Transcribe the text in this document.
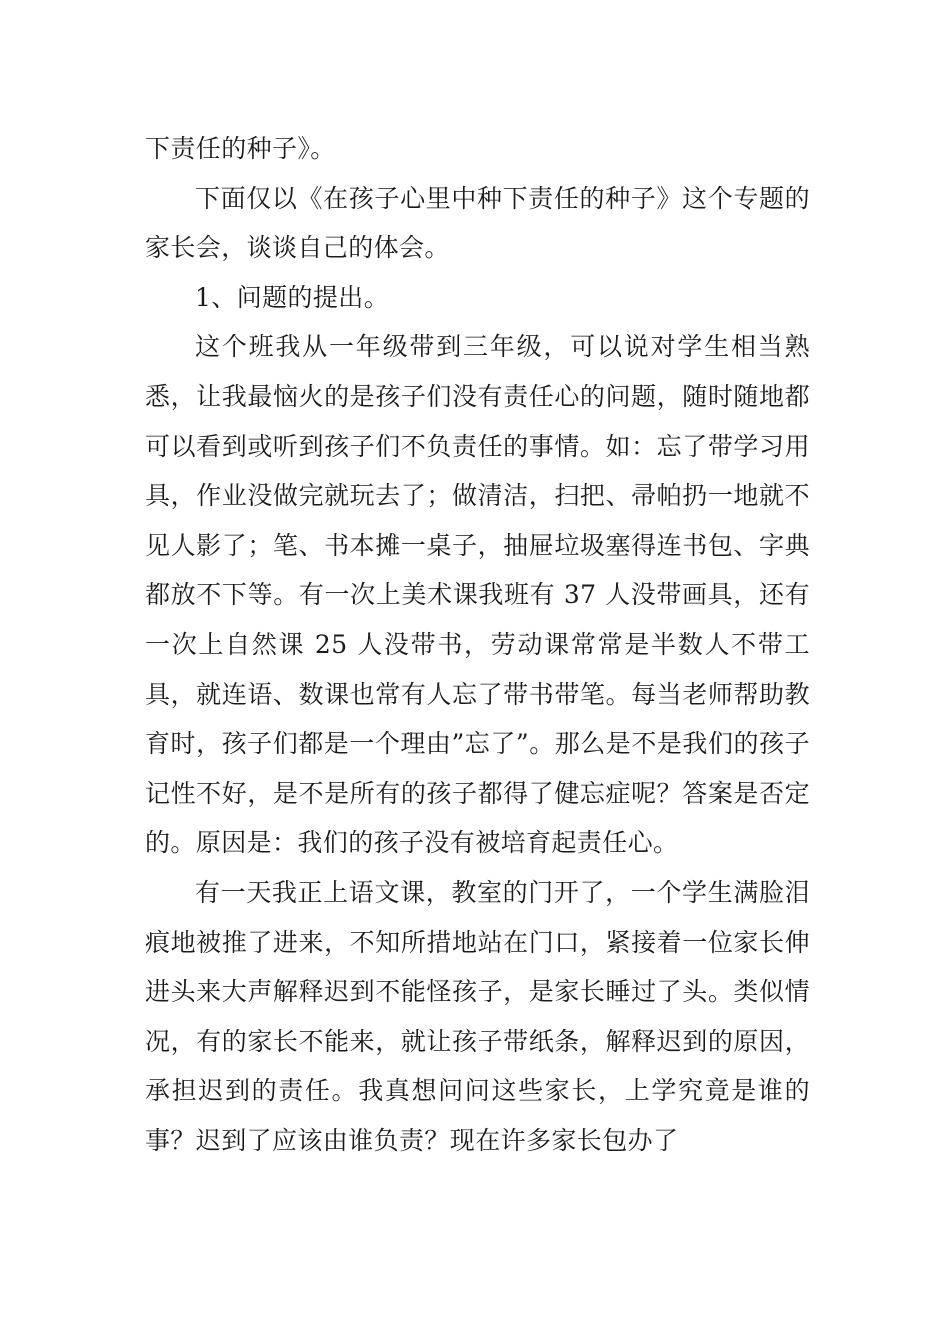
下责任的种子》。

下面仅以《在孩子心里中种下责任的种子》这个专题的家长会，谈谈自己的体会。

1、问题的提出。

这个班我从一年级带到三年级，可以说对学生相当熟悉，让我最恼火的是孩子们没有责任心的问题，随时随地都可以看到或听到孩子们不负责任的事情。如：忘了带学习用具，作业没做完就玩去了；做清洁，扫把、帚帕扔一地就不见人影了；笔、书本摊一桌子，抽屉垃圾塞得连书包、字典都放不下等。有一次上美术课我班有 37 人没带画具，还有一次上自然课 25 人没带书，劳动课常常是半数人不带工具，就连语、数课也常有人忘了带书带笔。每当老师帮助教育时，孩子们都是一个理由”忘了”。那么是不是我们的孩子记性不好，是不是所有的孩子都得了健忘症呢？答案是否定的。原因是：我们的孩子没有被培育起责任心。

有一天我正上语文课，教室的门开了，一个学生满脸泪痕地被推了进来，不知所措地站在门口，紧接着一位家长伸进头来大声解释迟到不能怪孩子，是家长睡过了头。类似情况，有的家长不能来，就让孩子带纸条，解释迟到的原因，承担迟到的责任。我真想问问这些家长，上学究竟是谁的事？迟到了应该由谁负责？现在许多家长包办了
